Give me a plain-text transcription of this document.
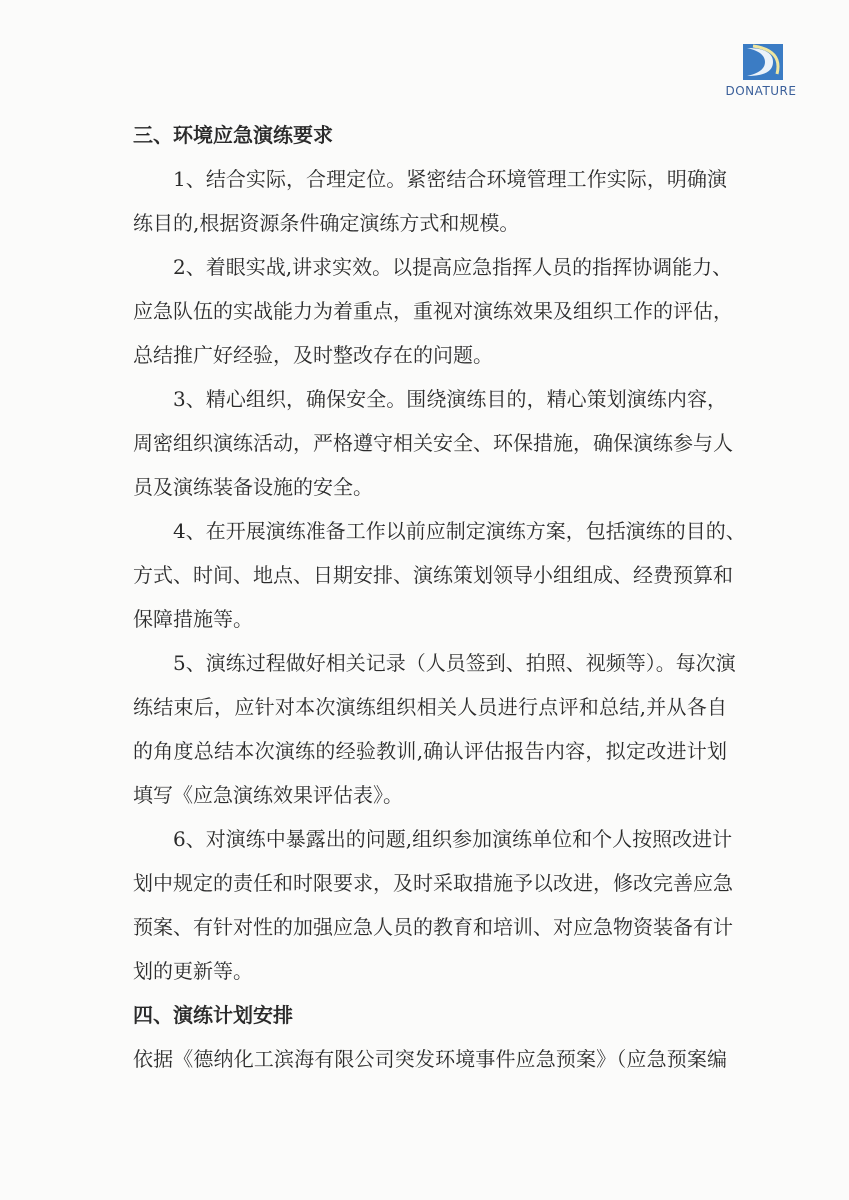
DONATURE
三、环境应急演练要求
1、结合实际，合理定位。紧密结合环境管理工作实际，明确演
练目的,根据资源条件确定演练方式和规模。
2、着眼实战,讲求实效。以提高应急指挥人员的指挥协调能力、
应急队伍的实战能力为着重点，重视对演练效果及组织工作的评估，
总结推广好经验，及时整改存在的问题。
3、精心组织，确保安全。围绕演练目的，精心策划演练内容，
周密组织演练活动，严格遵守相关安全、环保措施，确保演练参与人
员及演练装备设施的安全。
4、在开展演练准备工作以前应制定演练方案，包括演练的目的、
方式、时间、地点、日期安排、演练策划领导小组组成、经费预算和
保障措施等。
5、演练过程做好相关记录（人员签到、拍照、视频等）。每次演
练结束后，应针对本次演练组织相关人员进行点评和总结,并从各自
的角度总结本次演练的经验教训,确认评估报告内容，拟定改进计划
填写《应急演练效果评估表》。
6、对演练中暴露出的问题,组织参加演练单位和个人按照改进计
划中规定的责任和时限要求，及时采取措施予以改进，修改完善应急
预案、有针对性的加强应急人员的教育和培训、对应急物资装备有计
划的更新等。
四、演练计划安排
依据《德纳化工滨海有限公司突发环境事件应急预案》（应急预案编
